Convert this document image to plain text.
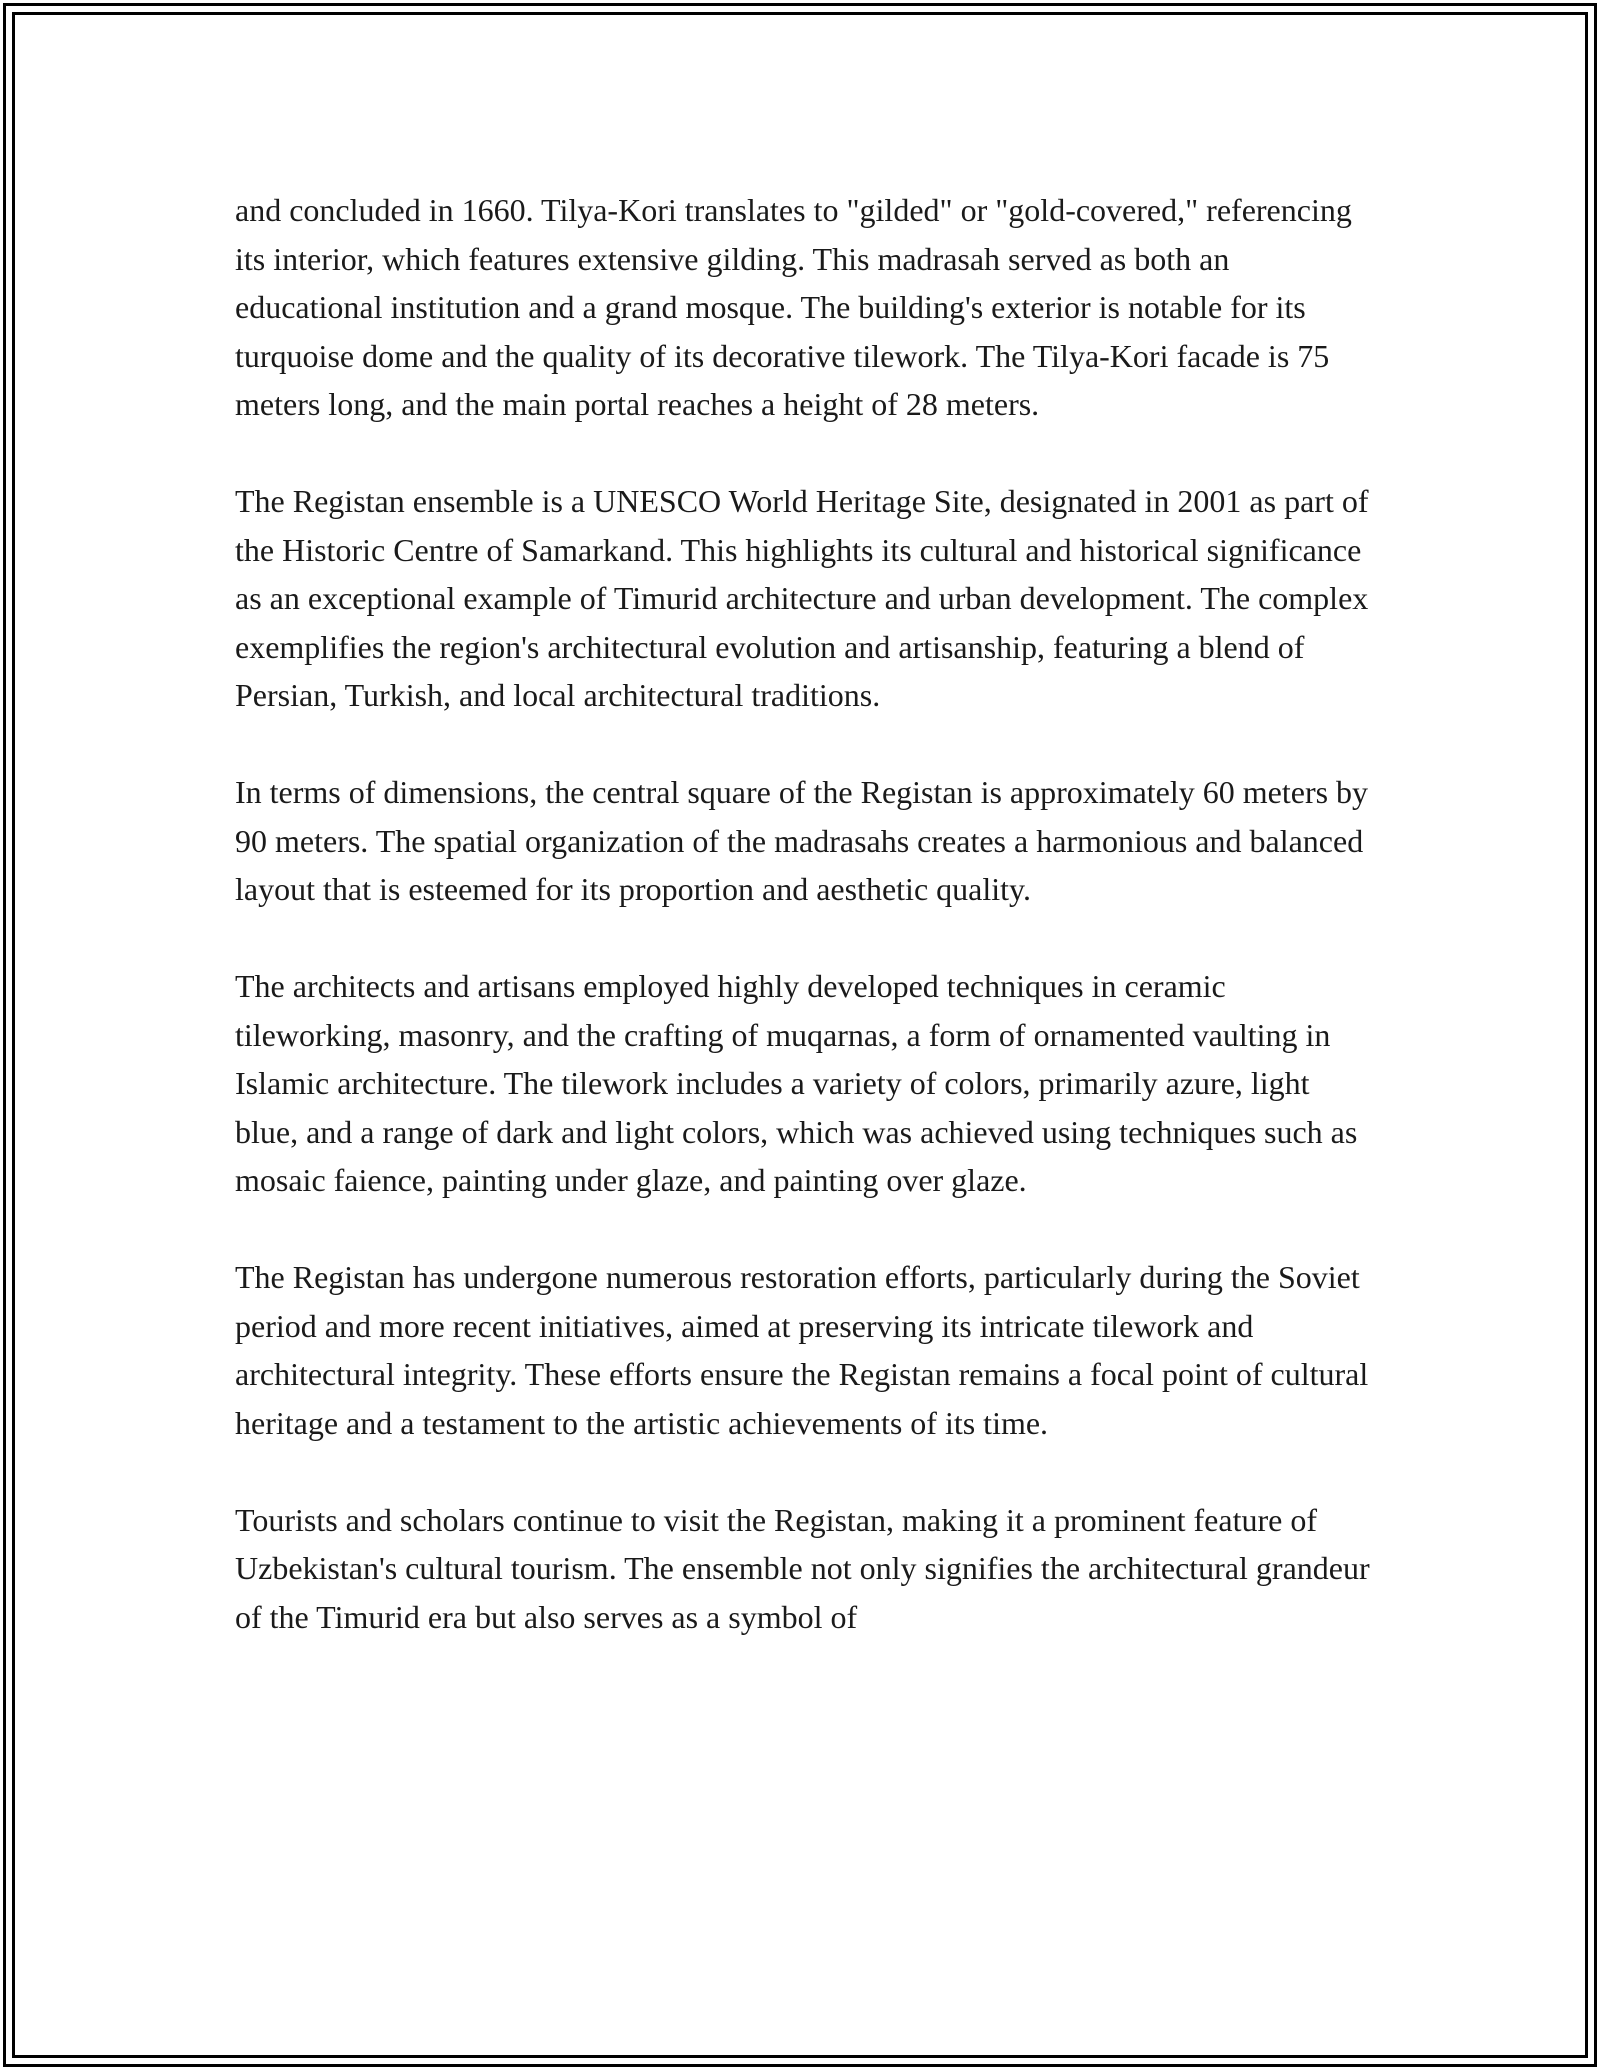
and concluded in 1660. Tilya-Kori translates to "gilded" or "gold-covered," referencing its interior, which features extensive gilding. This madrasah served as both an educational institution and a grand mosque. The building's exterior is notable for its turquoise dome and the quality of its decorative tilework. The Tilya-Kori facade is 75 meters long, and the main portal reaches a height of 28 meters.

The Registan ensemble is a UNESCO World Heritage Site, designated in 2001 as part of the Historic Centre of Samarkand. This highlights its cultural and historical significance as an exceptional example of Timurid architecture and urban development. The complex exemplifies the region's architectural evolution and artisanship, featuring a blend of Persian, Turkish, and local architectural traditions.

In terms of dimensions, the central square of the Registan is approximately 60 meters by 90 meters. The spatial organization of the madrasahs creates a harmonious and balanced layout that is esteemed for its proportion and aesthetic quality.

The architects and artisans employed highly developed techniques in ceramic tileworking, masonry, and the crafting of muqarnas, a form of ornamented vaulting in Islamic architecture. The tilework includes a variety of colors, primarily azure, light blue, and a range of dark and light colors, which was achieved using techniques such as mosaic faience, painting under glaze, and painting over glaze.

The Registan has undergone numerous restoration efforts, particularly during the Soviet period and more recent initiatives, aimed at preserving its intricate tilework and architectural integrity. These efforts ensure the Registan remains a focal point of cultural heritage and a testament to the artistic achievements of its time.

Tourists and scholars continue to visit the Registan, making it a prominent feature of Uzbekistan's cultural tourism. The ensemble not only signifies the architectural grandeur of the Timurid era but also serves as a symbol of
